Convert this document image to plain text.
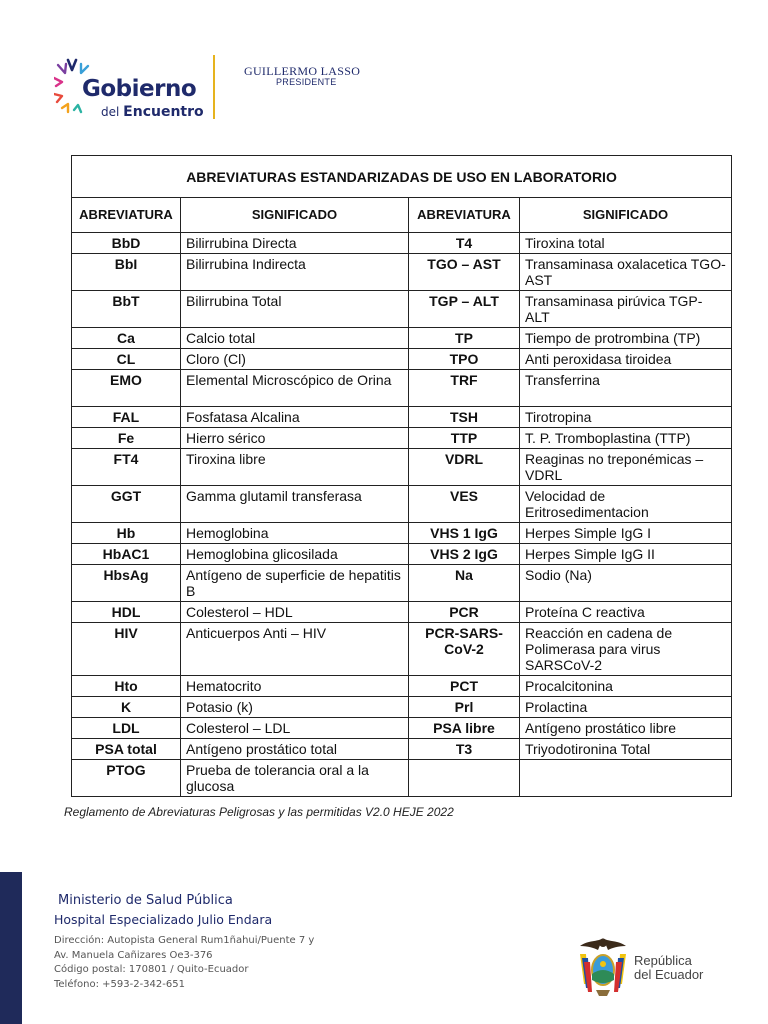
Gobierno
del Encuentro
GUILLERMO LASSO
PRESIDENTE
ABREVIATURAS ESTANDARIZADAS DE USO EN LABORATORIO			
ABREVIATURA	SIGNIFICADO	ABREVIATURA	SIGNIFICADO
BbD	Bilirrubina Directa	T4	Tiroxina total
BbI	Bilirrubina Indirecta	TGO – AST	Transaminasa oxalacetica TGO-AST
BbT	Bilirrubina Total	TGP – ALT	Transaminasa pirúvica TGP-ALT
Ca	Calcio total	TP	Tiempo de protrombina (TP)
CL	Cloro (Cl)	TPO	Anti peroxidasa tiroidea
EMO	Elemental Microscópico de Orina	TRF	Transferrina
FAL	Fosfatasa Alcalina	TSH	Tirotropina
Fe	Hierro sérico	TTP	T. P. Tromboplastina (TTP)
FT4	Tiroxina libre	VDRL	Reaginas no treponémicas – VDRL
GGT	Gamma glutamil transferasa	VES	Velocidad de Eritrosedimentacion
Hb	Hemoglobina	VHS 1 IgG	Herpes Simple IgG I
HbAC1	Hemoglobina glicosilada	VHS 2 IgG	Herpes Simple IgG II
HbsAg	Antígeno de superficie de hepatitis B	Na	Sodio (Na)
HDL	Colesterol – HDL	PCR	Proteína C reactiva
HIV	Anticuerpos Anti – HIV	PCR-SARS-CoV-2	Reacción en cadena de Polimerasa para virus SARSCoV-2
Hto	Hematocrito	PCT	Procalcitonina
K	Potasio (k)	Prl	Prolactina
LDL	Colesterol – LDL	PSA libre	Antígeno prostático libre
PSA total	Antígeno prostático total	T3	Triyodotironina Total
PTOG	Prueba de tolerancia oral a la glucosa		
Reglamento de Abreviaturas Peligrosas y las permitidas V2.0 HEJE 2022
Ministerio de Salud Pública
Hospital Especializado Julio Endara
Dirección: Autopista General Rum1ñahui/Puente 7 y
Av. Manuela Cañizares Oe3-376
Código postal: 170801 / Quito-Ecuador
Teléfono: +593-2-342-651
República
del Ecuador
